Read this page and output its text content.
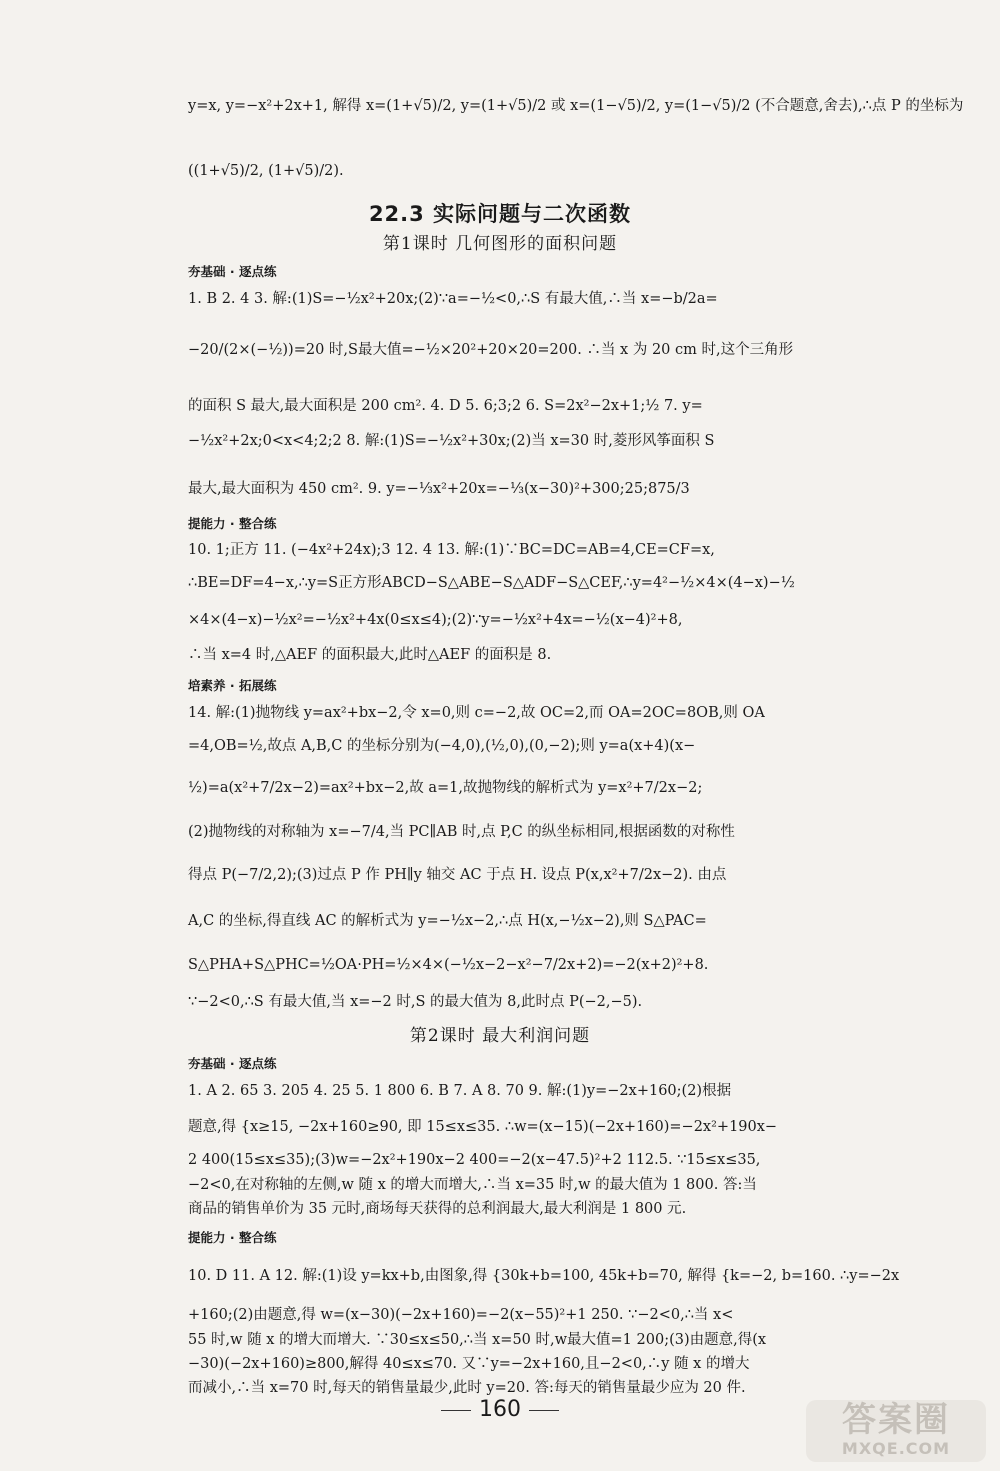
y=x, y=−x²+2x+1, 解得 x=(1+√5)/2, y=(1+√5)/2 或 x=(1−√5)/2, y=(1−√5)/2 (不合题意,舍去),∴点 P 的坐标为
((1+√5)/2, (1+√5)/2).
22.3 实际问题与二次函数
第1课时 几何图形的面积问题
夯基础 · 逐点练
1. B 2. 4 3. 解:(1)S=−½x²+20x;(2)∵a=−½<0,∴S 有最大值,∴当 x=−b/2a=
−20/(2×(−½))=20 时,S最大值=−½×20²+20×20=200. ∴当 x 为 20 cm 时,这个三角形
的面积 S 最大,最大面积是 200 cm². 4. D 5. 6;3;2 6. S=2x²−2x+1;½ 7. y=
−½x²+2x;0<x<4;2;2 8. 解:(1)S=−½x²+30x;(2)当 x=30 时,菱形风筝面积 S
最大,最大面积为 450 cm². 9. y=−⅓x²+20x=−⅓(x−30)²+300;25;875/3
提能力 · 整合练
10. 1;正方 11. (−4x²+24x);3 12. 4 13. 解:(1)∵BC=DC=AB=4,CE=CF=x,
∴BE=DF=4−x,∴y=S正方形ABCD−S△ABE−S△ADF−S△CEF,∴y=4²−½×4×(4−x)−½
×4×(4−x)−½x²=−½x²+4x(0≤x≤4);(2)∵y=−½x²+4x=−½(x−4)²+8,
∴当 x=4 时,△AEF 的面积最大,此时△AEF 的面积是 8.
培素养 · 拓展练
14. 解:(1)抛物线 y=ax²+bx−2,令 x=0,则 c=−2,故 OC=2,而 OA=2OC=8OB,则 OA
=4,OB=½,故点 A,B,C 的坐标分别为(−4,0),(½,0),(0,−2);则 y=a(x+4)(x−
½)=a(x²+7/2x−2)=ax²+bx−2,故 a=1,故抛物线的解析式为 y=x²+7/2x−2;
(2)抛物线的对称轴为 x=−7/4,当 PC∥AB 时,点 P,C 的纵坐标相同,根据函数的对称性
得点 P(−7/2,2);(3)过点 P 作 PH∥y 轴交 AC 于点 H. 设点 P(x,x²+7/2x−2). 由点
A,C 的坐标,得直线 AC 的解析式为 y=−½x−2,∴点 H(x,−½x−2),则 S△PAC=
S△PHA+S△PHC=½OA·PH=½×4×(−½x−2−x²−7/2x+2)=−2(x+2)²+8.
∵−2<0,∴S 有最大值,当 x=−2 时,S 的最大值为 8,此时点 P(−2,−5).
第2课时 最大利润问题
夯基础 · 逐点练
1. A 2. 65 3. 205 4. 25 5. 1 800 6. B 7. A 8. 70 9. 解:(1)y=−2x+160;(2)根据
题意,得 {x≥15, −2x+160≥90, 即 15≤x≤35. ∴w=(x−15)(−2x+160)=−2x²+190x−
2 400(15≤x≤35);(3)w=−2x²+190x−2 400=−2(x−47.5)²+2 112.5. ∵15≤x≤35,
−2<0,在对称轴的左侧,w 随 x 的增大而增大,∴当 x=35 时,w 的最大值为 1 800. 答:当
商品的销售单价为 35 元时,商场每天获得的总利润最大,最大利润是 1 800 元.
提能力 · 整合练
10. D 11. A 12. 解:(1)设 y=kx+b,由图象,得 {30k+b=100, 45k+b=70, 解得 {k=−2, b=160. ∴y=−2x
+160;(2)由题意,得 w=(x−30)(−2x+160)=−2(x−55)²+1 250. ∵−2<0,∴当 x<
55 时,w 随 x 的增大而增大. ∵30≤x≤50,∴当 x=50 时,w最大值=1 200;(3)由题意,得(x
−30)(−2x+160)≥800,解得 40≤x≤70. 又∵y=−2x+160,且−2<0,∴y 随 x 的增大
而减小,∴当 x=70 时,每天的销售量最少,此时 y=20. 答:每天的销售量最少应为 20 件.
160	答案圈
MXQE.COM
